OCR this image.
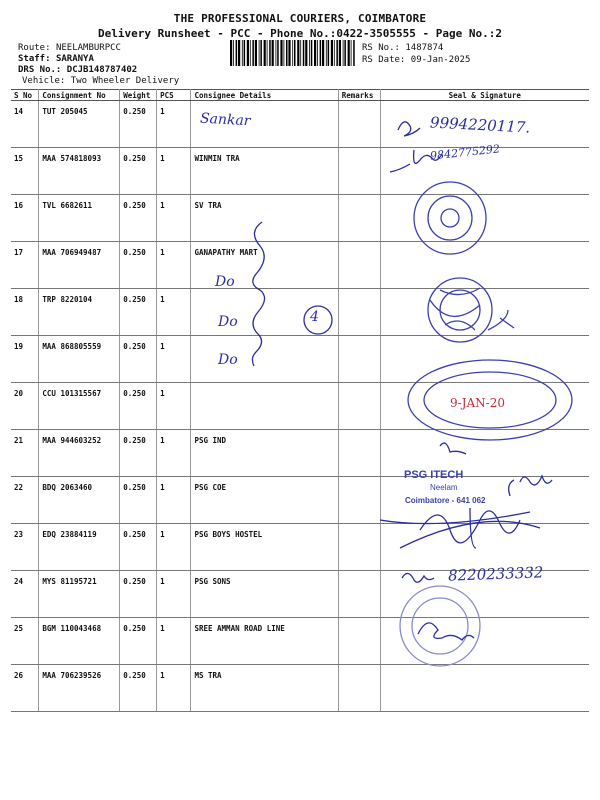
THE PROFESSIONAL COURIERS, COIMBATORE
Delivery Runsheet - PCC - Phone No.:0422-3505555 - Page No.:2
Route: NEELAMBURPCC
Staff: SARANYA
DRS No.: DCJB148787402
Vehicle: Two Wheeler Delivery
RS No.: 1487874
RS Date: 09-Jan-2025
S No	Consignment No	Weight	PCS	Consignee Details	Remarks	Seal & Signature
14	TUT 205045	0.250	1			
15	MAA 574818093	0.250	1	WINMIN TRA		
16	TVL 6682611	0.250	1	SV TRA		
17	MAA 706949487	0.250	1	GANAPATHY MART		
18	TRP 8220104	0.250	1			
19	MAA 868805559	0.250	1			
20	CCU 101315567	0.250	1			
21	MAA 944603252	0.250	1	PSG IND		
22	BDQ 2063460	0.250	1	PSG COE		
23	EDQ 23884119	0.250	1	PSG BOYS HOSTEL		
24	MYS 81195721	0.250	1	PSG SONS		
25	BGM 110043468	0.250	1	SREE AMMAN ROAD LINE		
26	MAA 706239526	0.250	1	MS TRA		
Sankar	9994220117.
9842775292
Do
Do
Do
4
9-JAN-20
PSG ITECH
Neelam
Coimbatore - 641 062
8220233332
